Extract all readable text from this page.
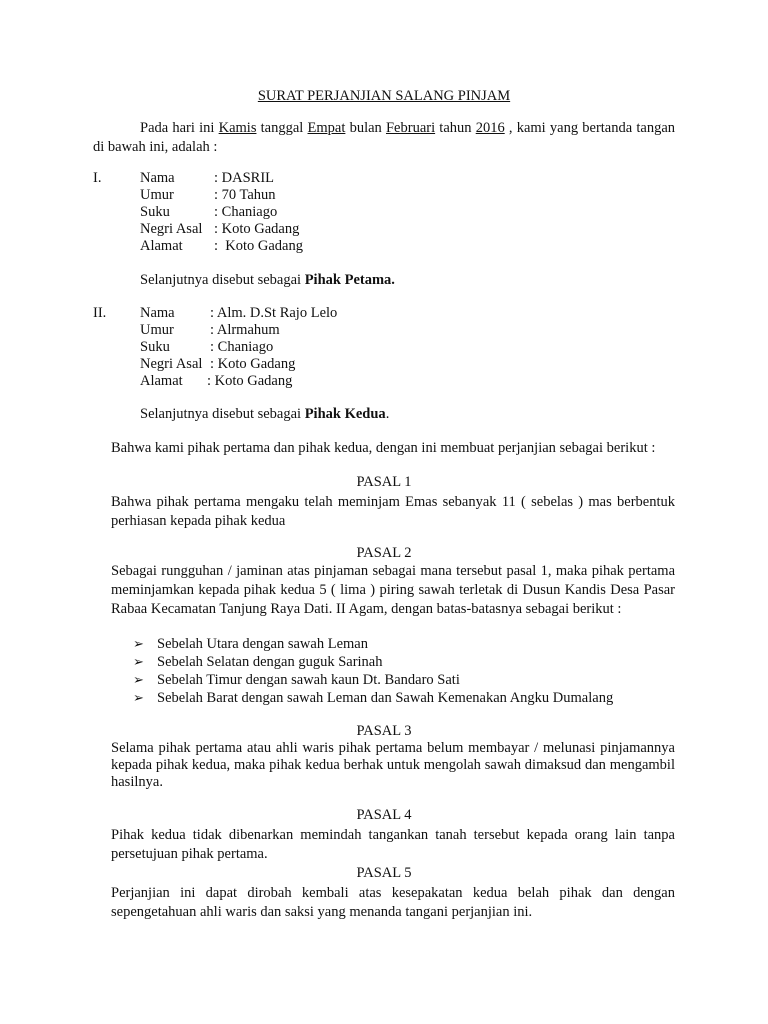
SURAT PERJANJIAN SALANG PINJAM
Pada hari ini Kamis tanggal Empat bulan Februari tahun 2016 , kami yang bertanda tangan di bawah ini, adalah :
I.	Nama	: DASRIL
Umur	: 70 Tahun
Suku	: Chaniago
Negri Asal : Koto Gadang
Alamat :  Koto Gadang
Selanjutnya disebut sebagai Pihak Petama.
II. Nama : Alm. D.St Rajo Lelo
Umur : Alrmahum
Suku	: Chaniago
Negri Asal : Koto Gadang
Alamat : Koto Gadang
Selanjutnya disebut sebagai Pihak Kedua.
Bahwa kami pihak pertama dan pihak kedua, dengan ini membuat perjanjian sebagai berikut :
PASAL 1
Bahwa pihak pertama mengaku telah meminjam Emas sebanyak 11 ( sebelas ) mas berbentuk perhiasan kepada pihak kedua
PASAL 2
Sebagai rungguhan / jaminan atas pinjaman sebagai mana tersebut pasal 1, maka pihak pertama meminjamkan kepada pihak kedua 5 ( lima ) piring sawah terletak di Dusun Kandis Desa Pasar Rabaa Kecamatan Tanjung Raya Dati. II Agam, dengan batas-batasnya sebagai berikut :
➢ Sebelah Utara dengan sawah Leman
➢ Sebelah Selatan dengan guguk Sarinah
➢ Sebelah Timur dengan sawah kaun Dt. Bandaro Sati
➢ Sebelah Barat dengan sawah Leman dan Sawah Kemenakan Angku Dumalang
PASAL 3
Selama pihak pertama atau ahli waris pihak pertama belum membayar / melunasi pinjamannya kepada pihak kedua, maka pihak kedua berhak untuk mengolah sawah dimaksud dan mengambil hasilnya.
PASAL 4
Pihak kedua tidak dibenarkan memindah tangankan tanah tersebut kepada orang lain tanpa persetujuan pihak pertama.
PASAL 5
Perjanjian ini dapat dirobah kembali atas kesepakatan kedua belah pihak dan dengan sepengetahuan ahli waris dan saksi yang menanda tangani perjanjian ini.
